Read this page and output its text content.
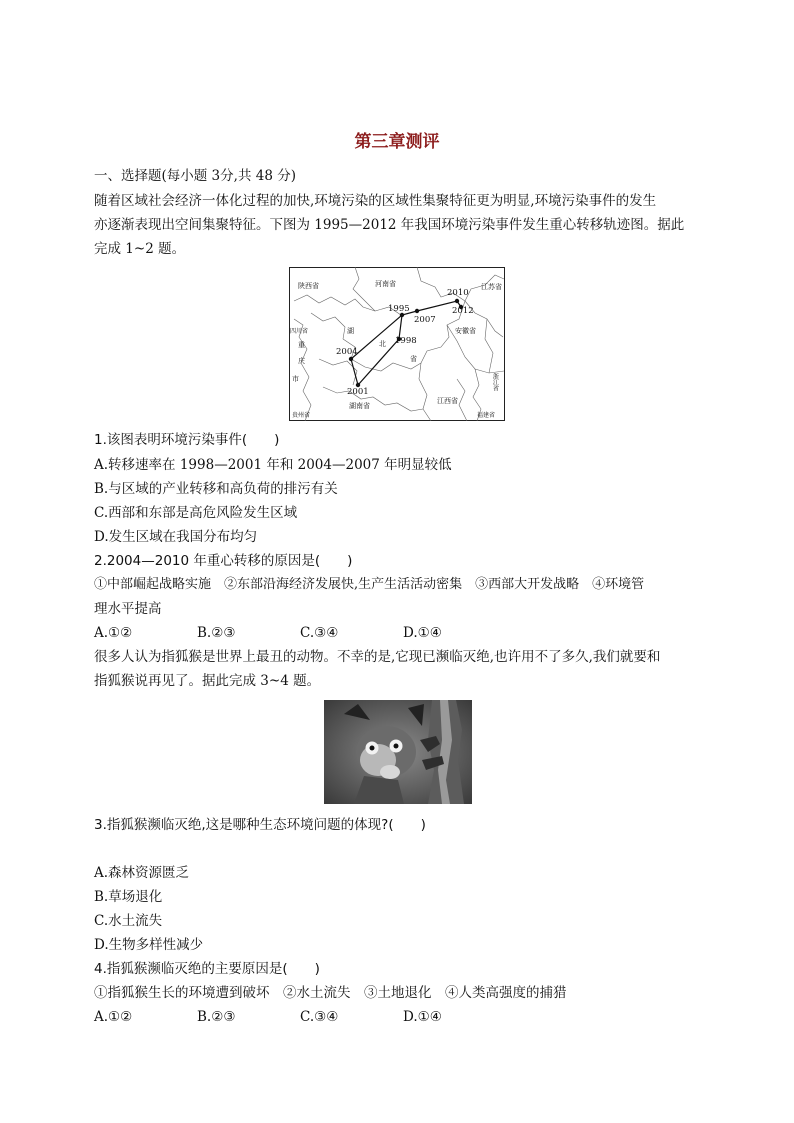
第三章测评
一、选择题(每小题 3分,共 48 分)
随着区域社会经济一体化过程的加快,环境污染的区域性集聚特征更为明显,环境污染事件的发生
亦逐渐表现出空间集聚特征。下图为 1995—2012 年我国环境污染事件发生重心转移轨迹图。据此
完成 1~2 题。
陕西省	河南省	江苏省
四川省
重
庆
市
湖
北
省
安徽省
浙江省
湖南省
江西省
贵州省	福建省
1995
1998
2001
2004
2007
2010
2012
1.该图表明环境污染事件(　　)
A.转移速率在 1998—2001 年和 2004—2007 年明显较低
B.与区域的产业转移和高负荷的排污有关
C.西部和东部是高危风险发生区域
D.发生区域在我国分布均匀
2.2004—2010 年重心转移的原因是(　　)
①中部崛起战略实施　②东部沿海经济发展快,生产生活活动密集　③西部大开发战略　④环境管
理水平提高
A.①②	B.②③	C.③④	D.①④
很多人认为指狐猴是世界上最丑的动物。不幸的是,它现已濒临灭绝,也许用不了多久,我们就要和
指狐猴说再见了。据此完成 3~4 题。
3.指狐猴濒临灭绝,这是哪种生态环境问题的体现?(　　)
A.森林资源匮乏
B.草场退化
C.水土流失
D.生物多样性减少
4.指狐猴濒临灭绝的主要原因是(　　)
①指狐猴生长的环境遭到破坏　②水土流失　③土地退化　④人类高强度的捕猎
A.①②	B.②③	C.③④	D.①④
